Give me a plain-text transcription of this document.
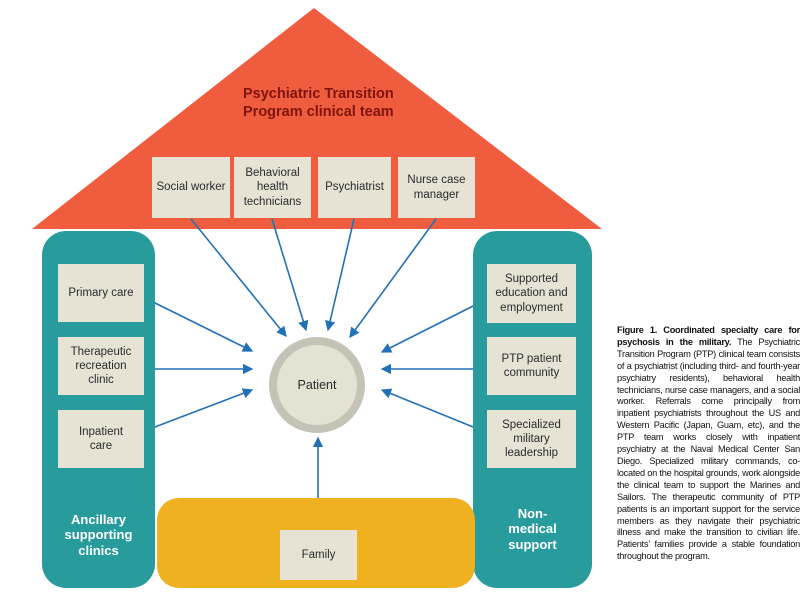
Psychiatric Transition Program clinical team
Social worker
Behavioral health technicians
Psychiatrist
Nurse case manager
Primary care
Therapeutic recreation clinic
Inpatient care
Ancillary supporting clinics
Supported education and employment
PTP patient community
Specialized military leadership
Non-medical support
Family
Patient
Figure 1. Coordinated specialty care for psychosis in the military. The Psychiatric Transition Program (PTP) clinical team consists of a psychiatrist (including third- and fourth-year psychiatry residents), behavioral health technicians, nurse case managers, and a social worker. Referrals come principally from inpatient psychiatrists throughout the US and Western Pacific (Japan, Guam, etc), and the PTP team works closely with inpatient psychiatry at the Naval Medical Center San Diego. Specialized military commands, co-located on the hospital grounds, work alongside the clinical team to support the Marines and Sailors. The therapeutic community of PTP patients is an important support for the service members as they navigate their psychiatric illness and make the transition to civilian life. Patients’ families provide a stable foundation throughout the program.
